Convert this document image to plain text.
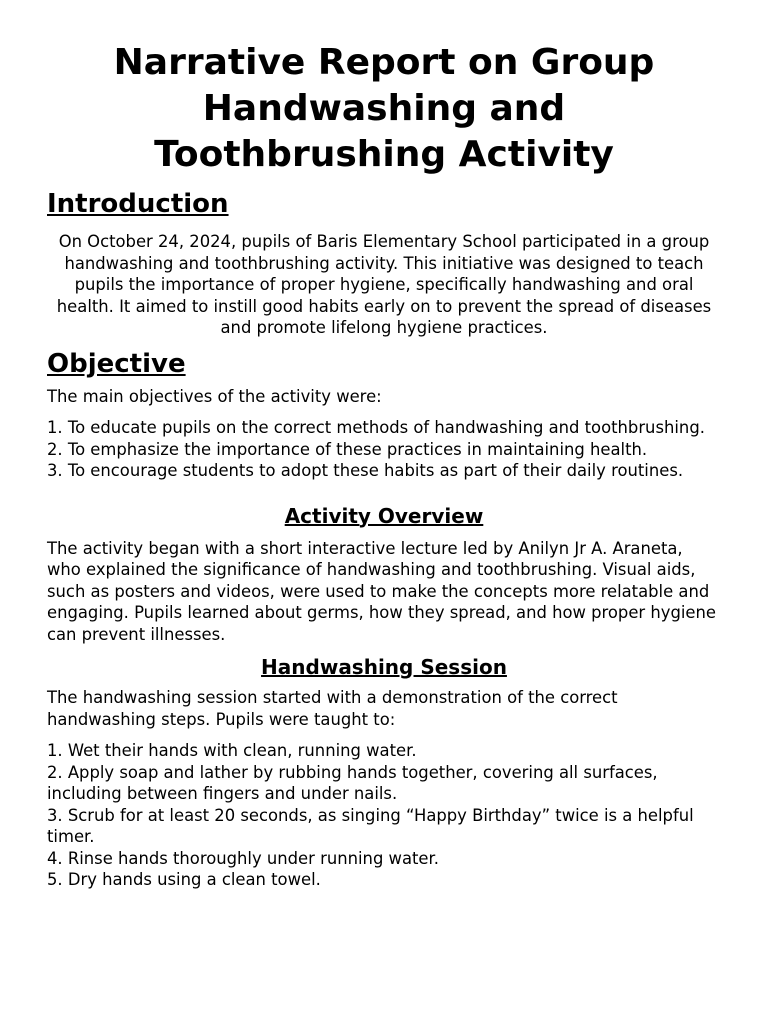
Narrative Report on Group Handwashing and Toothbrushing Activity
Introduction

On October 24, 2024, pupils of Baris Elementary School participated in a group handwashing and toothbrushing activity. This initiative was designed to teach pupils the importance of proper hygiene, specifically handwashing and oral health. It aimed to instill good habits early on to prevent the spread of diseases and promote lifelong hygiene practices.

Objective

The main objectives of the activity were:

1. To educate pupils on the correct methods of handwashing and toothbrushing.

2. To emphasize the importance of these practices in maintaining health.

3. To encourage students to adopt these habits as part of their daily routines.

Activity Overview

The activity began with a short interactive lecture led by Anilyn Jr A. Araneta, who explained the significance of handwashing and toothbrushing. Visual aids, such as posters and videos, were used to make the concepts more relatable and engaging. Pupils learned about germs, how they spread, and how proper hygiene can prevent illnesses.

Handwashing Session

The handwashing session started with a demonstration of the correct handwashing steps. Pupils were taught to:

1. Wet their hands with clean, running water.

2. Apply soap and lather by rubbing hands together, covering all surfaces, including between fingers and under nails.

3. Scrub for at least 20 seconds, as singing “Happy Birthday” twice is a helpful timer.

4. Rinse hands thoroughly under running water.

5. Dry hands using a clean towel.
